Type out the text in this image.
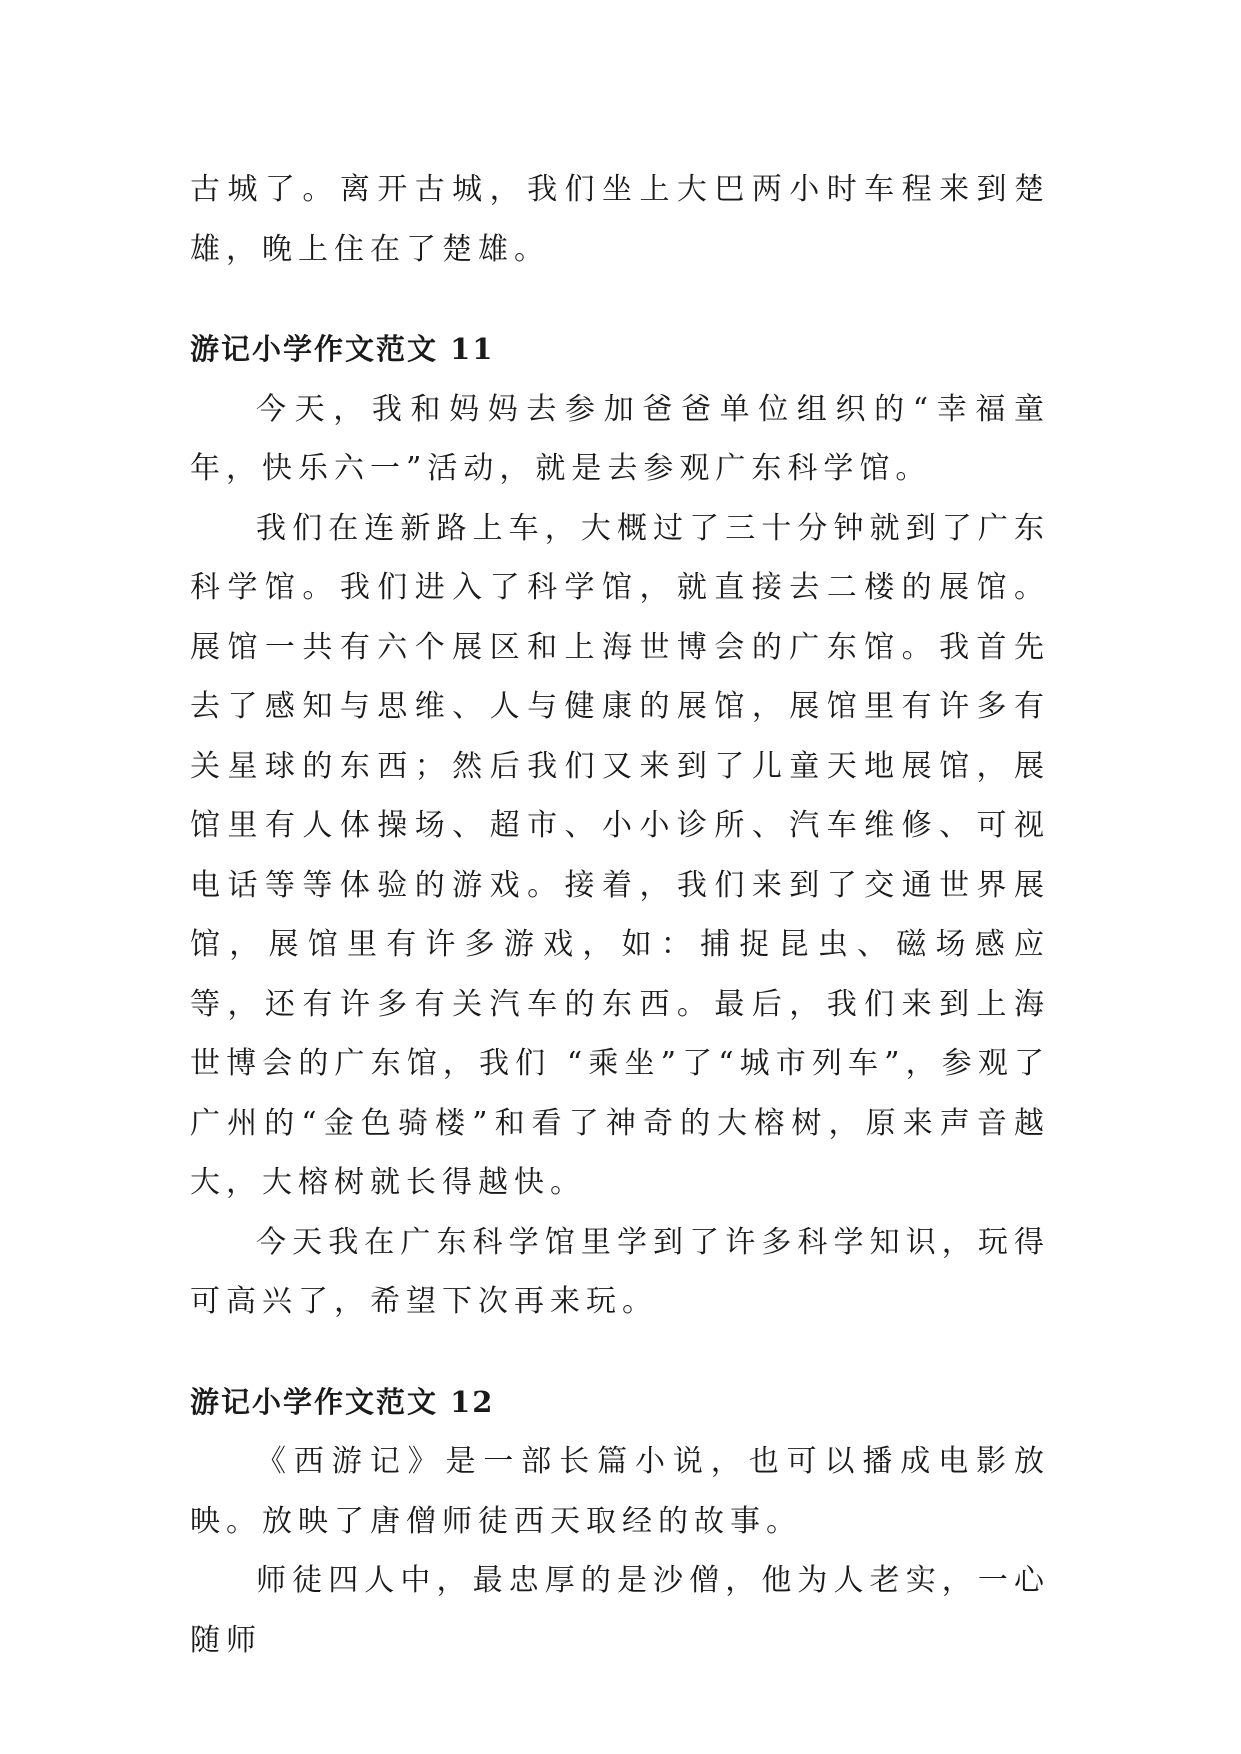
古城了。离开古城，我们坐上大巴两小时车程来到楚雄，晚上住在了楚雄。

游记小学作文范文 11

今天，我和妈妈去参加爸爸单位组织的“幸福童年，快乐六一”活动，就是去参观广东科学馆。

我们在连新路上车，大概过了三十分钟就到了广东科学馆。我们进入了科学馆，就直接去二楼的展馆。展馆一共有六个展区和上海世博会的广东馆。我首先去了感知与思维、人与健康的展馆，展馆里有许多有关星球的东西；然后我们又来到了儿童天地展馆，展馆里有人体操场、超市、小小诊所、汽车维修、可视电话等等体验的游戏。接着，我们来到了交通世界展馆，展馆里有许多游戏，如：捕捉昆虫、磁场感应等，还有许多有关汽车的东西。最后，我们来到上海世博会的广东馆，我们 “乘坐”了“城市列车”，参观了广州的“金色骑楼”和看了神奇的大榕树，原来声音越大，大榕树就长得越快。

今天我在广东科学馆里学到了许多科学知识，玩得可高兴了，希望下次再来玩。

游记小学作文范文 12

《西游记》是一部长篇小说，也可以播成电影放映。放映了唐僧师徒西天取经的故事。

师徒四人中，最忠厚的是沙僧，他为人老实，一心随师
